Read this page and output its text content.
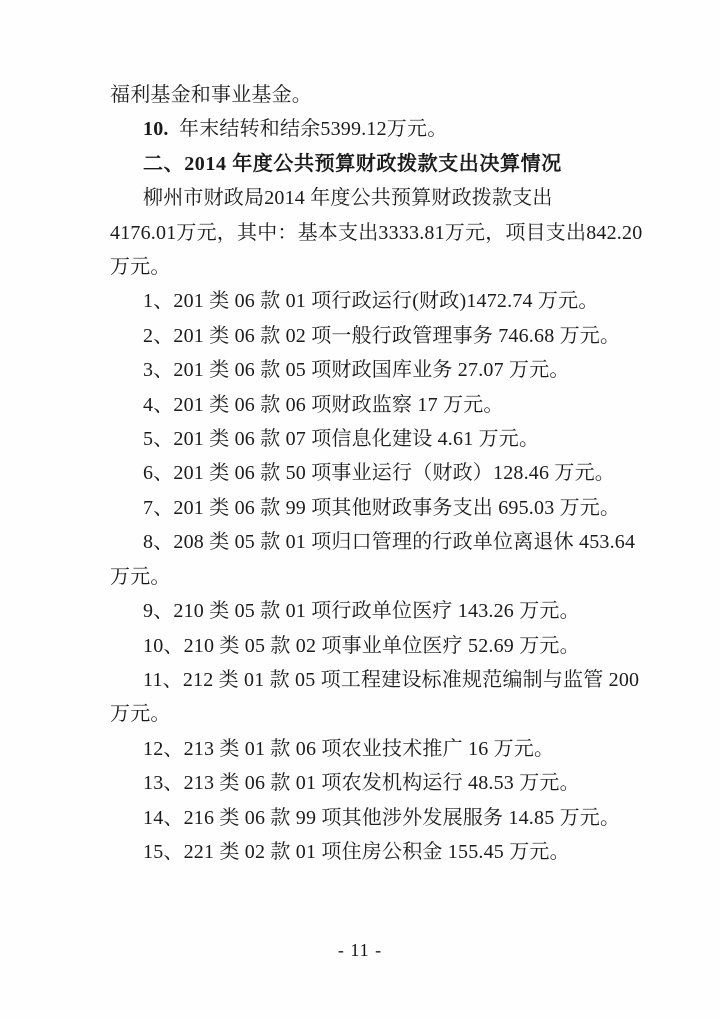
福利基金和事业基金。

10.  年末结转和结余5399.12万元。

二、2014 年度公共预算财政拨款支出决算情况

柳州市财政局2014 年度公共预算财政拨款支出

4176.01万元，其中：基本支出3333.81万元，项目支出842.20

万元。

1、201 类 06 款 01 项行政运行(财政)1472.74 万元。

2、201 类 06 款 02 项一般行政管理事务 746.68 万元。

3、201 类 06 款 05 项财政国库业务 27.07 万元。

4、201 类 06 款 06 项财政监察 17 万元。

5、201 类 06 款 07 项信息化建设 4.61 万元。

6、201 类 06 款 50 项事业运行（财政）128.46 万元。

7、201 类 06 款 99 项其他财政事务支出 695.03 万元。

8、208 类 05 款 01 项归口管理的行政单位离退休 453.64

万元。

9、210 类 05 款 01 项行政单位医疗 143.26 万元。

10、210 类 05 款 02 项事业单位医疗 52.69 万元。

11、212 类 01 款 05 项工程建设标准规范编制与监管 200

万元。

12、213 类 01 款 06 项农业技术推广 16 万元。

13、213 类 06 款 01 项农发机构运行 48.53 万元。

14、216 类 06 款 99 项其他涉外发展服务 14.85 万元。

15、221 类 02 款 01 项住房公积金 155.45 万元。

- 11 -
